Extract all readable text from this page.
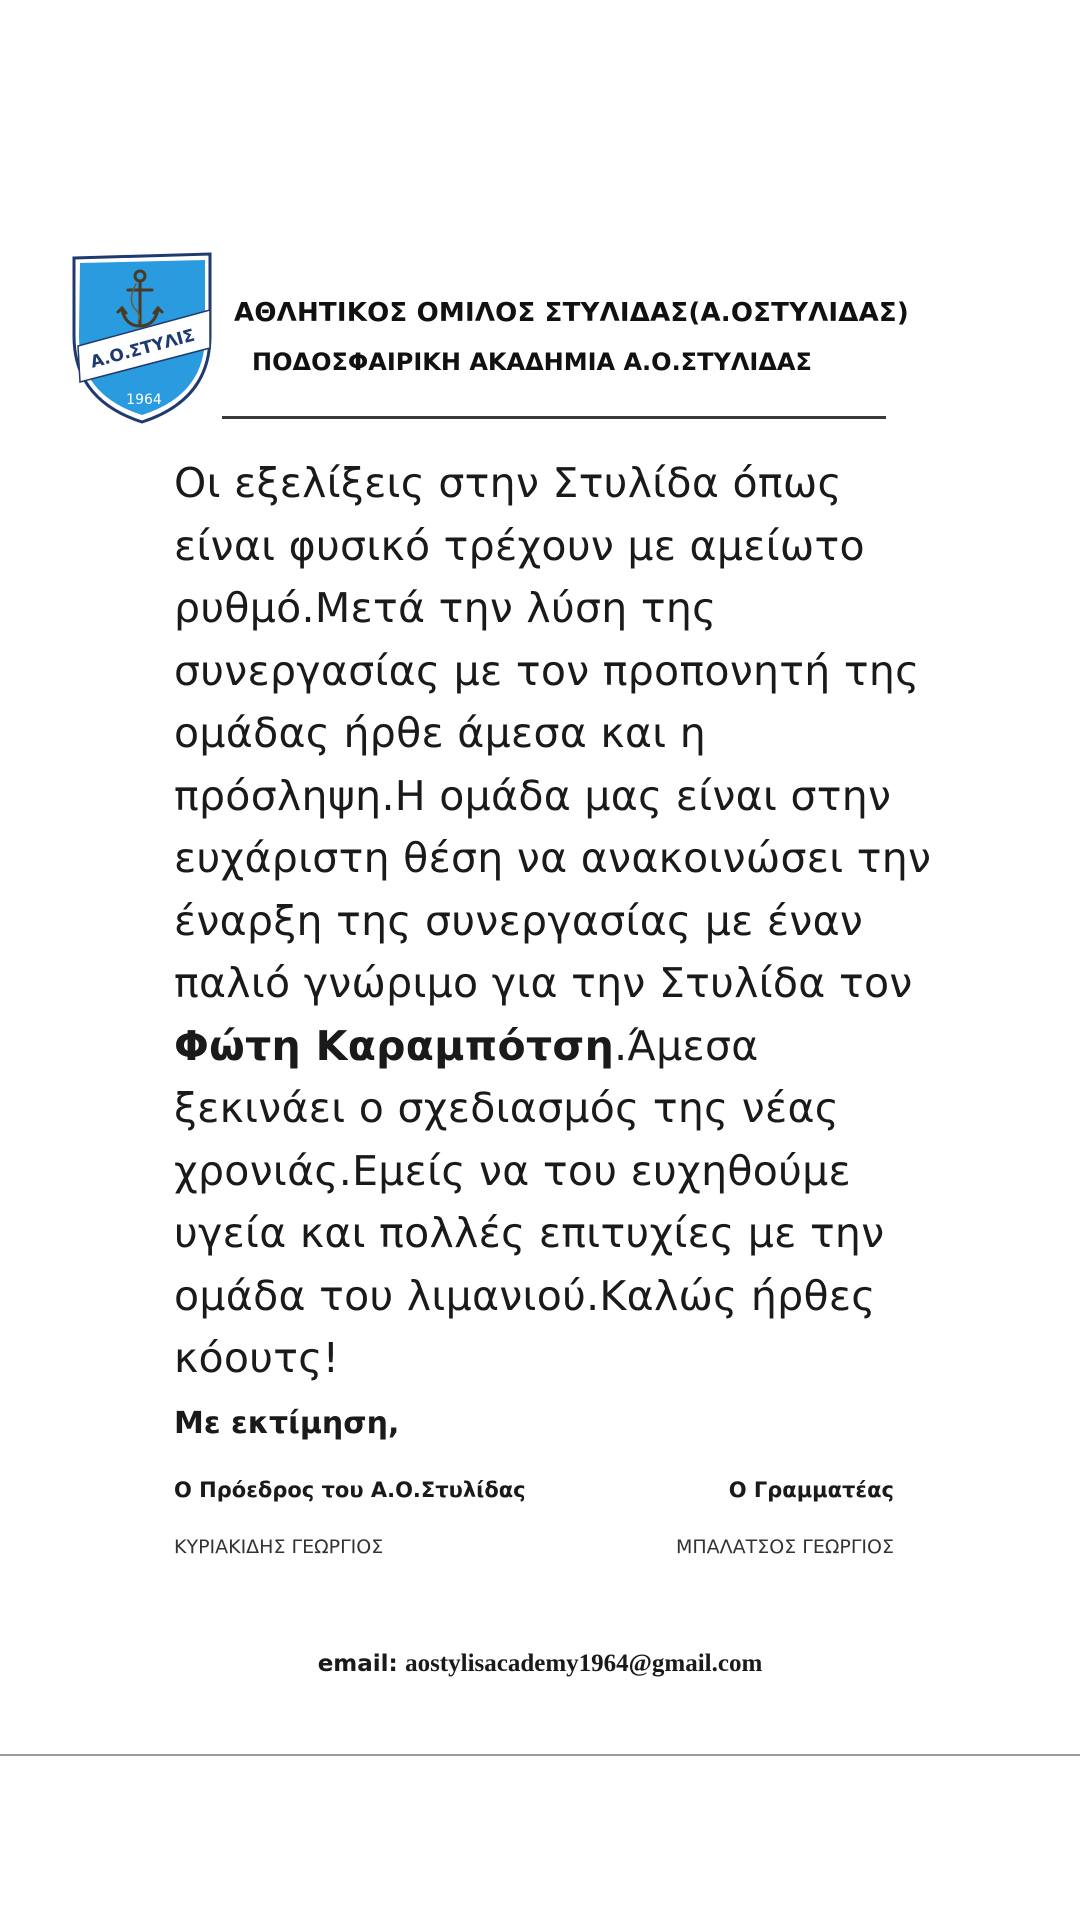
Α.Ο.ΣΤΥΛΙΣ
1964
ΑΘΛΗΤΙΚΟΣ ΟΜΙΛΟΣ ΣΤΥΛΙΔΑΣ(Α.ΟΣΤΥΛΙΔΑΣ)
ΠΟΔΟΣΦΑΙΡΙΚΗ ΑΚΑΔΗΜΙΑ Α.Ο.ΣΤΥΛΙΔΑΣ
Οι εξελίξεις στην Στυλίδα όπως είναι φυσικό τρέχουν με αμείωτο ρυθμό.Μετά την λύση της συνεργασίας με τον προπονητή της ομάδας ήρθε άμεσα και η πρόσληψη.Η ομάδα μας είναι στην ευχάριστη θέση να ανακοινώσει την έναρξη της συνεργασίας με έναν παλιό γνώριμο για την Στυλίδα τον Φώτη Καραμπότση.Άμεσα ξεκινάει ο σχεδιασμός της νέας χρονιάς.Εμείς να του ευχηθούμε υγεία και πολλές επιτυχίες με την ομάδα του λιμανιού.Καλώς ήρθες κόουτς!
Με εκτίμηση,
Ο Πρόεδρος του Α.Ο.Στυλίδας	Ο Γραμματέας
ΚΥΡΙΑΚΙΔΗΣ ΓΕΩΡΓΙΟΣ	ΜΠΑΛΑΤΣΟΣ ΓΕΩΡΓΙΟΣ
email: aostylisacademy1964@gmail.com
